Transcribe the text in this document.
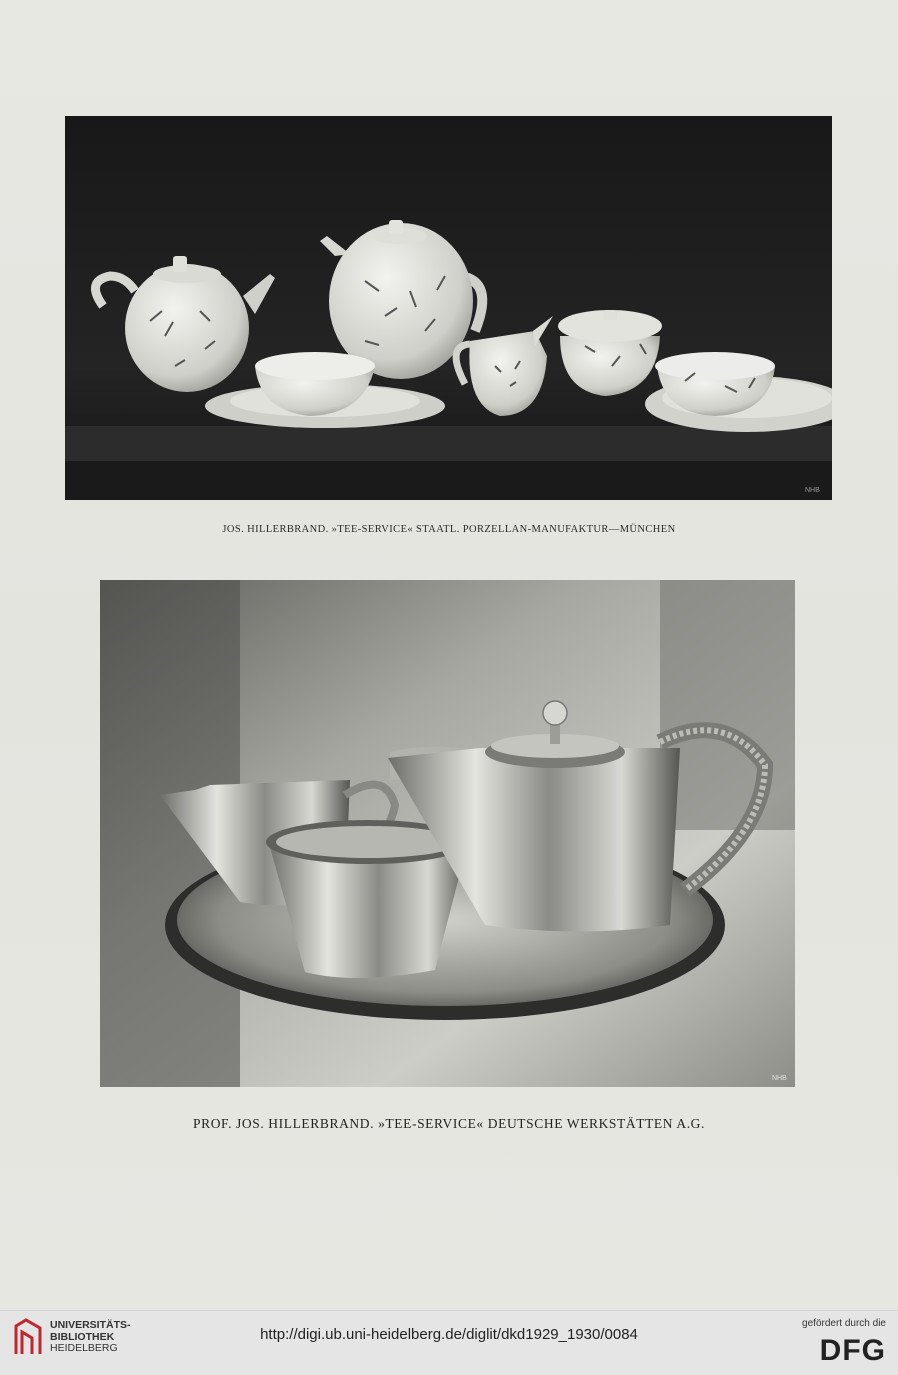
NHB
JOS. HILLERBRAND. »TEE-SERVICE« STAATL. PORZELLAN-MANUFAKTUR—MÜNCHEN
NHB
PROF. JOS. HILLERBRAND. »TEE-SERVICE« DEUTSCHE WERKSTÄTTEN A.G.
UNIVERSITÄTS-
BIBLIOTHEK
HEIDELBERG
http://digi.ub.uni-heidelberg.de/diglit/dkd1929_1930/0084
gefördert durch die
DFG
